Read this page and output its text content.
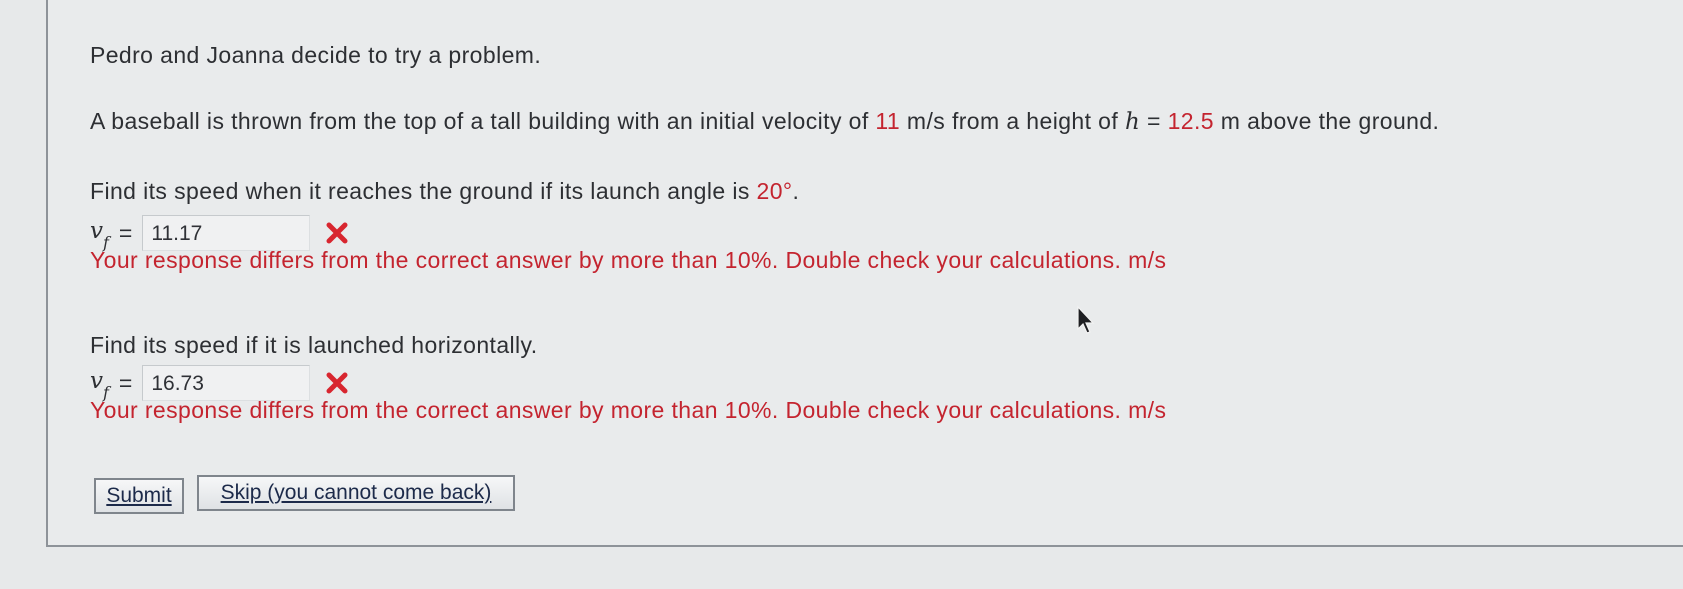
Pedro and Joanna decide to try a problem.
A baseball is thrown from the top of a tall building with an initial velocity of 11 m/s from a height of h = 12.5 m above the ground.
Find its speed when it reaches the ground if its launch angle is 20°.
$v_f = 11.17$
Your response differs from the correct answer by more than 10%. Double check your calculations. m/s
Find its speed if it is launched horizontally.
$v_f = 16.73$
Your response differs from the correct answer by more than 10%. Double check your calculations. m/s
Submit	Skip (you cannot come back)
